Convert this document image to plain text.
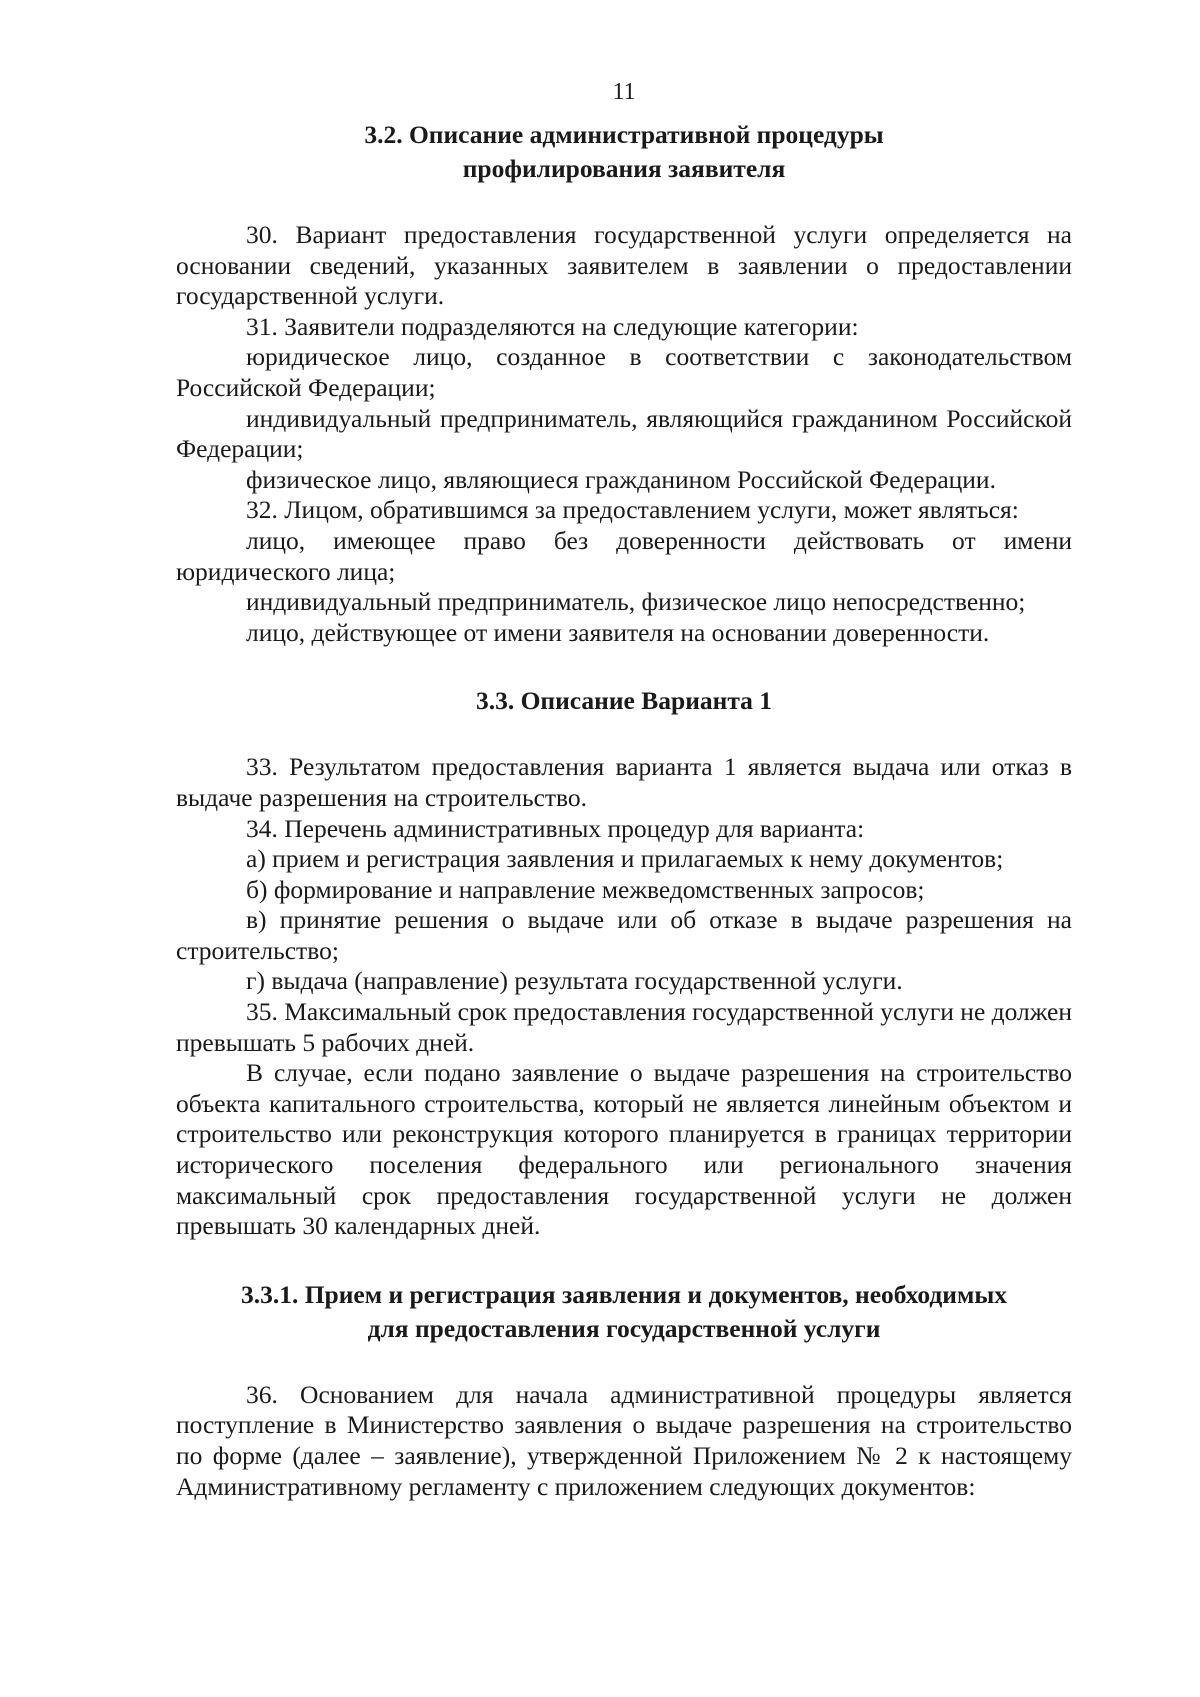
11
3.2. Описание административной процедуры
профилирования заявителя

30. Вариант предоставления государственной услуги определяется на основании сведений, указанных заявителем в заявлении о предоставлении государственной услуги.

31. Заявители подразделяются на следующие категории:

юридическое лицо, созданное в соответствии с законодательством Российской Федерации;

индивидуальный предприниматель, являющийся гражданином Российской Федерации;

физическое лицо, являющиеся гражданином Российской Федерации.

32. Лицом, обратившимся за предоставлением услуги, может являться:

лицо, имеющее право без доверенности действовать от имени юридического лица;

индивидуальный предприниматель, физическое лицо непосредственно;

лицо, действующее от имени заявителя на основании доверенности.

3.3. Описание Варианта 1

33. Результатом предоставления варианта 1 является выдача или отказ в выдаче разрешения на строительство.

34. Перечень административных процедур для варианта:

а) прием и регистрация заявления и прилагаемых к нему документов;

б) формирование и направление межведомственных запросов;

в) принятие решения о выдаче или об отказе в выдаче разрешения на строительство;

г) выдача (направление) результата государственной услуги.

35. Максимальный срок предоставления государственной услуги не должен превышать 5 рабочих дней.

В случае, если подано заявление о выдаче разрешения на строительство объекта капитального строительства, который не является линейным объектом и строительство или реконструкция которого планируется в границах территории исторического поселения федерального или регионального значения максимальный срок предоставления государственной услуги не должен превышать 30 календарных дней.

3.3.1. Прием и регистрация заявления и документов, необходимых
для предоставления государственной услуги

36. Основанием для начала административной процедуры является поступление в Министерство заявления о выдаче разрешения на строительство по форме (далее – заявление), утвержденной Приложением № 2 к настоящему Административному регламенту с приложением следующих документов:
